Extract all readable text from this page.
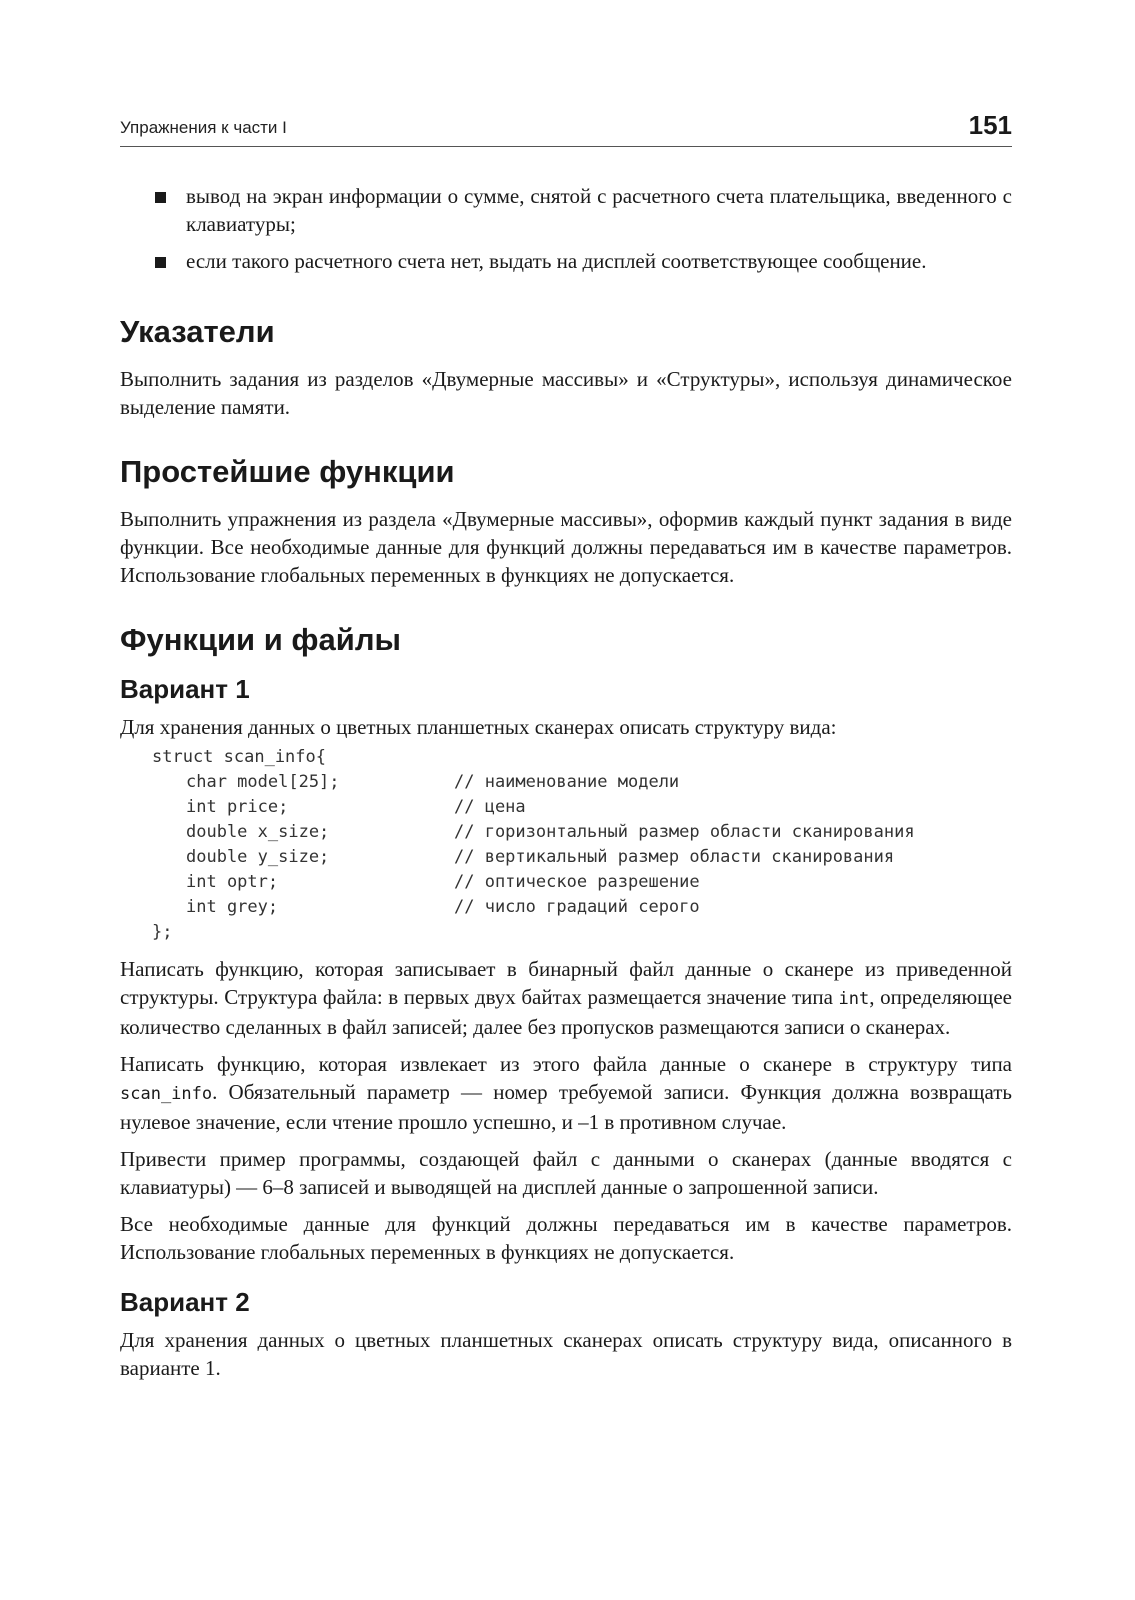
Упражнения к части I	151
вывод на экран информации о сумме, снятой с расчетного счета плательщика, введенного с клавиатуры;
если такого расчетного счета нет, выдать на дисплей соответствующее сообщение.
Указатели

Выполнить задания из разделов «Двумерные массивы» и «Структуры», используя динамическое выделение памяти.

Простейшие функции

Выполнить упражнения из раздела «Двумерные массивы», оформив каждый пункт задания в виде функции. Все необходимые данные для функций должны передаваться им в качестве параметров. Использование глобальных переменных в функциях не допускается.

Функции и файлы
Вариант 1

Для хранения данных о цветных планшетных сканерах описать структуру вида:

struct scan_info{
char model[25];	// наименование модели
int price;	// цена
double x_size;	// горизонтальный размер области сканирования
double y_size;	// вертикальный размер области сканирования
int optr;	// оптическое разрешение
int grey;	// число градаций серого
};

Написать функцию, которая записывает в бинарный файл данные о сканере из приведенной структуры. Структура файла: в первых двух байтах размещается значение типа int, определяющее количество сделанных в файл записей; далее без пропусков размещаются записи о сканерах.

Написать функцию, которая извлекает из этого файла данные о сканере в структуру типа scan_info. Обязательный параметр — номер требуемой записи. Функция должна возвращать нулевое значение, если чтение прошло успешно, и –1 в противном случае.

Привести пример программы, создающей файл с данными о сканерах (данные вводятся с клавиатуры) — 6–8 записей и выводящей на дисплей данные о запрошенной записи.

Все необходимые данные для функций должны передаваться им в качестве параметров. Использование глобальных переменных в функциях не допускается.

Вариант 2

Для хранения данных о цветных планшетных сканерах описать структуру вида, описанного в варианте 1.
